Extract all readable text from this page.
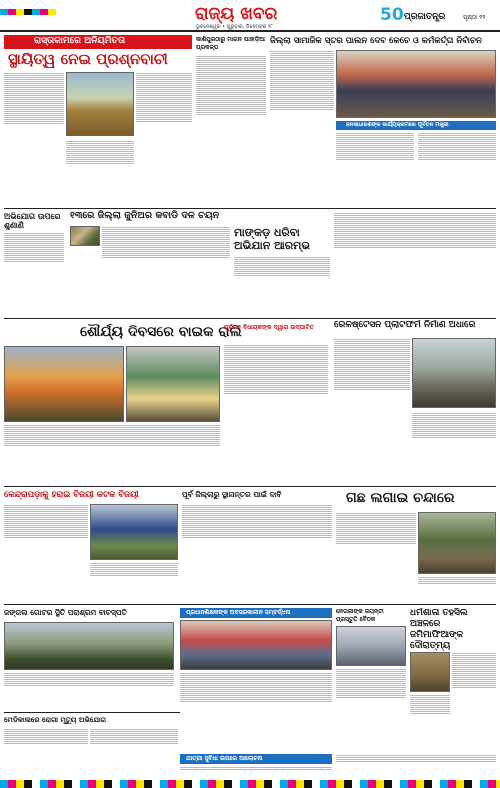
ରାଜ୍ୟ ଖବର
ଭୁବନେଶ୍ୱର • ଗୁରୁବାର, ଡିସେମ୍ବର ୨୮
50 ପ୍ରଜାତନ୍ତ୍ର	ପୃଷ୍ଠା ୧୨
ରାସ୍ତାକାମରେ ଅନିୟମିତତା
ସ୍ଥାୟିତ୍ୱ ନେଇ ପ୍ରଶ୍ନବାଚୀ
କାଶିପୁରଠାରୁ ମାଗନ ପାହାଡ଼ିଆ ପ୍ରକଳ୍ପ
ଜିଲ୍ଲା ସାମାଜିକ ସ୍ତର ପାଲନ ଦେବ କେଚେ ଓ କର୍ମକର୍ତ୍ତା ନିର୍ବାଚନ
ଜନସାଧାରଣଙ୍କ କାର୍ଯ୍ୟକ୍ରମରେ ପୂର୍ବତନ ମନ୍ତ୍ରୀ
ଅଭିଯୋଗ ଉପରେ ଶୁଣାଣି
୧୩ରେ ଜିଲ୍ଲା ଜୁନିଅର କବାଡି ଦଳ ଚୟନ
ମାଙ୍କଡ଼ ଧରିବା ଅଭିଯାନ ଆରମ୍ଭ
ଶୌର୍ଯ୍ୟ ଦିବସରେ ବାଇକ ରାଲି
ପୂର୍ବତନ ବିଧାୟକଙ୍କ ଦ୍ୱାରା ଉଦ୍‌ଘାଟିତ	ରେଳଷ୍ଟେସନ ପ୍ଲାଟଫର୍ମ ନିର୍ମାଣ ଅଧାରେ
କେନ୍ଦ୍ରାପଡ଼ାକୁ ହରାଇ ବିଜୟୀ କଟକ ବିଜୟୀ	ପୂର୍ବ ଜିଲ୍ଲାରୁ ସ୍ଥାନାନ୍ତର ପାଇଁ ଦାବି	ଗଛ ଲଗାଇ ଚନ୍ଦାରେ
ଜଙ୍ଗଲ ଗୋଟର ସ୍ଥିତି ପରାଶ୍ରମ ବାଚସ୍ପତି	ପ୍ରଧାନଶିକ୍ଷକଙ୍କ ଅବସରକାଳୀନ ସମ୍ବର୍ଦ୍ଧନା	ନେତାଜୀଙ୍କ ଜୟନ୍ତୀ ପ୍ରସ୍ତୁତି ବୈଠକ
ଧର୍ମଶାଳା ତହସିଲ ଅଞ୍ଚଳରେ ଜମିମାଫିଆଙ୍କ ଦୌରାତ୍ମ୍ୟ
ମେଡିକାଲରେ ରୋଗୀ ମୃତ୍ୟୁ ଅଭିଯୋଗ
ଯାତ୍ରୀ ସୁବିଧା ଉପରେ ଆଲୋଚନା
